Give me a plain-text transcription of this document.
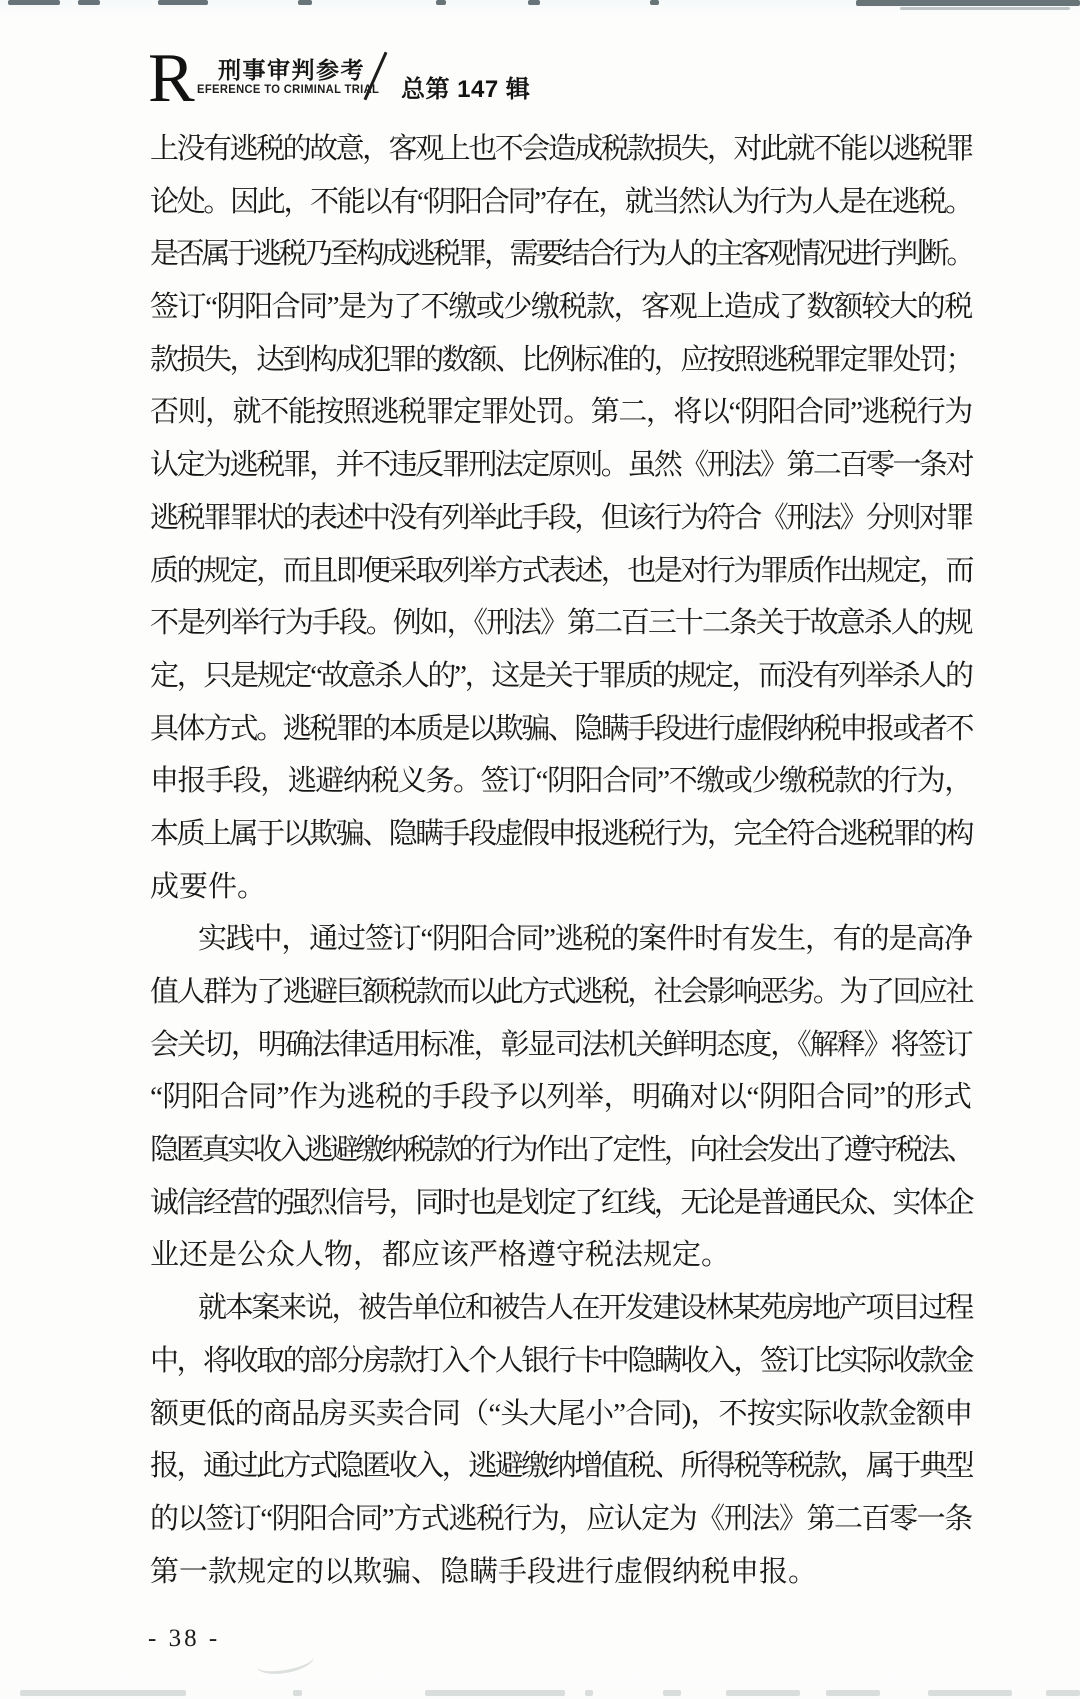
R 刑事审判参考
EFERENCE TO CRIMINAL TRIAL 总第 147 辑
上没有逃税的故意，客观上也不会造成税款损失，对此就不能以逃税罪
论处。因此，不能以有“阴阳合同”存在，就当然认为行为人是在逃税。
是否属于逃税乃至构成逃税罪，需要结合行为人的主客观情况进行判断。
签订“阴阳合同”是为了不缴或少缴税款，客观上造成了数额较大的税
款损失，达到构成犯罪的数额、比例标准的，应按照逃税罪定罪处罚；
否则，就不能按照逃税罪定罪处罚。第二，将以“阴阳合同”逃税行为
认定为逃税罪，并不违反罪刑法定原则。虽然《刑法》第二百零一条对
逃税罪罪状的表述中没有列举此手段，但该行为符合《刑法》分则对罪
质的规定，而且即便采取列举方式表述，也是对行为罪质作出规定，而
不是列举行为手段。例如，《刑法》第二百三十二条关于故意杀人的规
定，只是规定“故意杀人的”，这是关于罪质的规定，而没有列举杀人的
具体方式。逃税罪的本质是以欺骗、隐瞒手段进行虚假纳税申报或者不
申报手段，逃避纳税义务。签订“阴阳合同”不缴或少缴税款的行为，
本质上属于以欺骗、隐瞒手段虚假申报逃税行为，完全符合逃税罪的构
成要件。
实践中，通过签订“阴阳合同”逃税的案件时有发生，有的是高净
值人群为了逃避巨额税款而以此方式逃税，社会影响恶劣。为了回应社
会关切，明确法律适用标准，彰显司法机关鲜明态度，《解释》将签订
“阴阳合同”作为逃税的手段予以列举，明确对以“阴阳合同”的形式
隐匿真实收入逃避缴纳税款的行为作出了定性，向社会发出了遵守税法、
诚信经营的强烈信号，同时也是划定了红线，无论是普通民众、实体企
业还是公众人物，都应该严格遵守税法规定。
就本案来说，被告单位和被告人在开发建设林某苑房地产项目过程
中，将收取的部分房款打入个人银行卡中隐瞒收入，签订比实际收款金
额更低的商品房买卖合同（“头大尾小”合同)，不按实际收款金额申
报，通过此方式隐匿收入，逃避缴纳增值税、所得税等税款，属于典型
的以签订“阴阳合同”方式逃税行为，应认定为《刑法》第二百零一条
第一款规定的以欺骗、隐瞒手段进行虚假纳税申报。
- 38 -
